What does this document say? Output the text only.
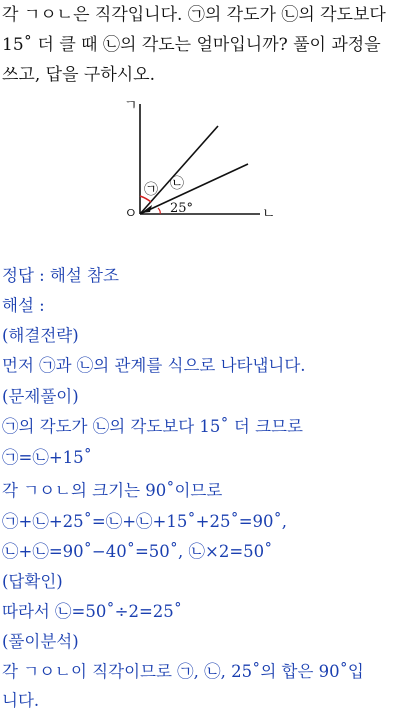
각 ㄱㅇㄴ은 직각입니다. ㉠의 각도가 ㉡의 각도보다
15˚ 더 클 때 ㉡의 각도는 얼마입니까? 풀이 과정을
쓰고, 답을 구하시오.
ㄱ
ㅇ	ㄴ
㉠ ㉡
25°
정답 : 해설 참조
해설 :
(해결전략)
먼저 ㉠과 ㉡의 관계를 식으로 나타냅니다.
(문제풀이)
㉠의 각도가 ㉡의 각도보다 15˚ 더 크므로
㉠=㉡+15˚
각 ㄱㅇㄴ의 크기는 90˚이므로
㉠+㉡+25˚=㉡+㉡+15˚+25˚=90˚,
㉡+㉡=90˚−40˚=50˚, ㉡×2=50˚
(답확인)
따라서 ㉡=50˚÷2=25˚
(풀이분석)
각 ㄱㅇㄴ이 직각이므로 ㉠, ㉡, 25˚의 합은 90˚입
니다.
